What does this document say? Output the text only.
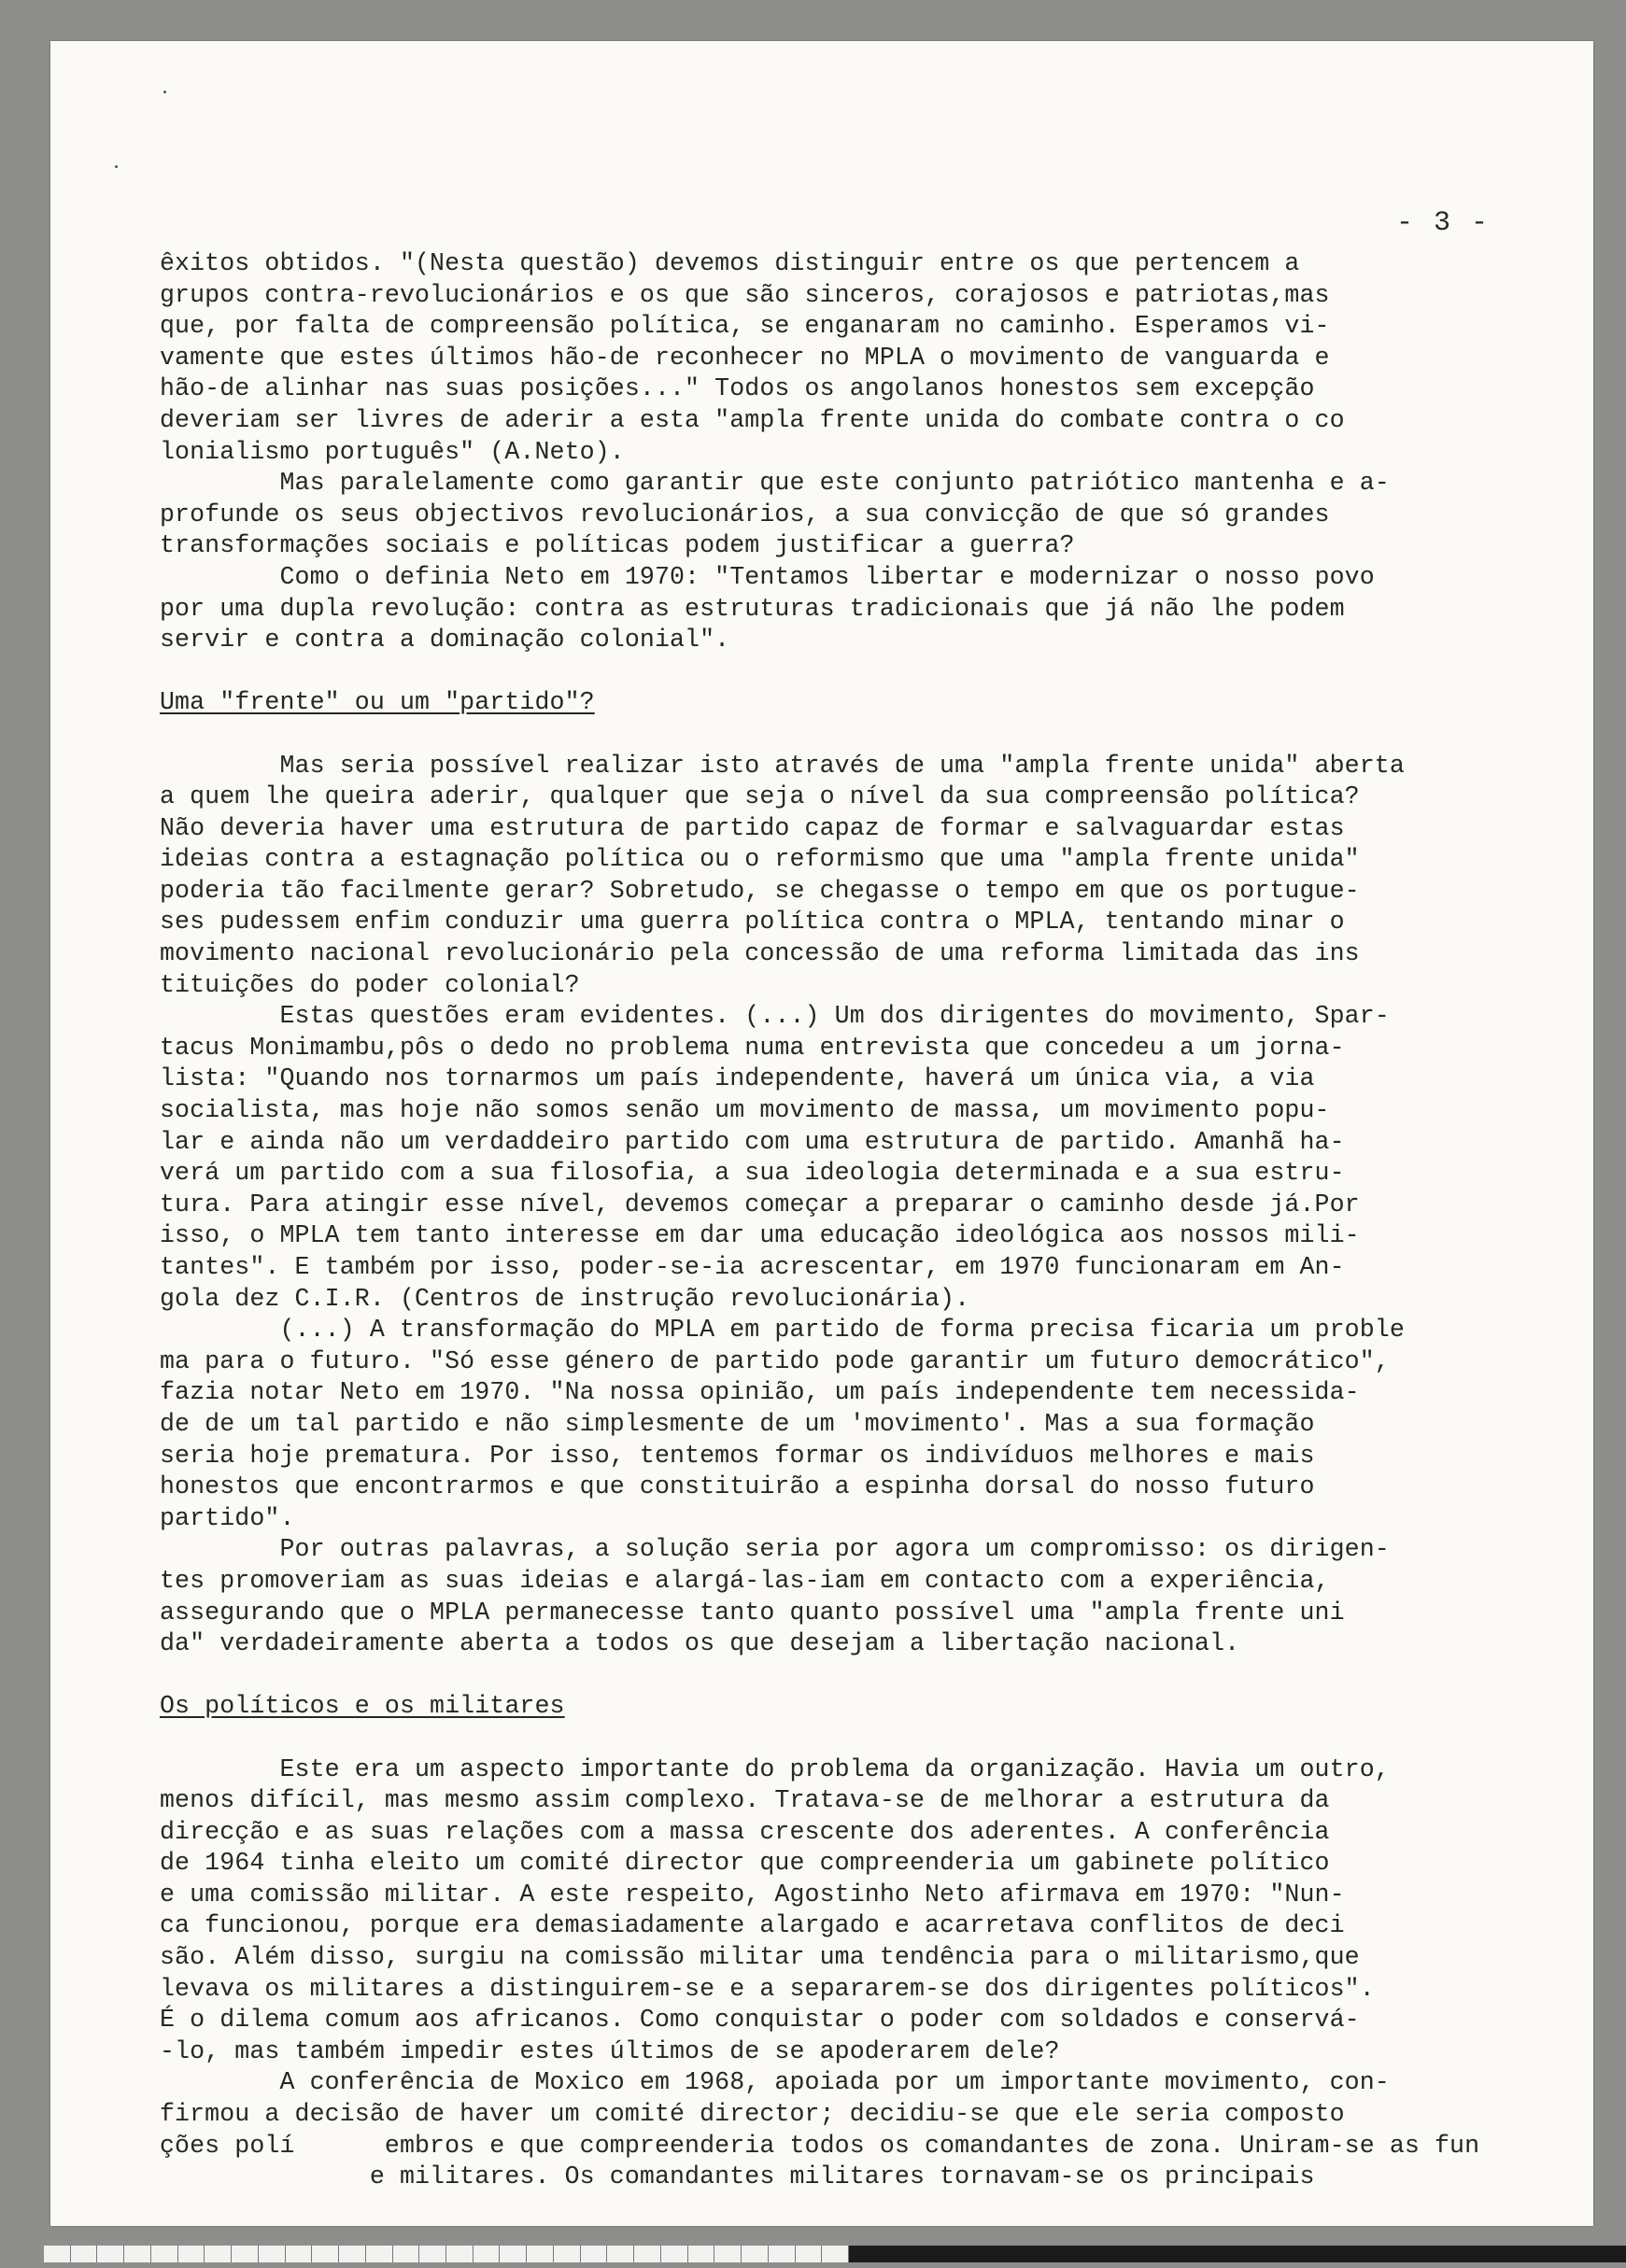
- 3 -
êxitos obtidos. "(Nesta questão) devemos distinguir entre os que pertencem a
grupos contra-revolucionários e os que são sinceros, corajosos e patriotas,mas
que, por falta de compreensão política, se enganaram no caminho. Esperamos vi-
vamente que estes últimos hão-de reconhecer no MPLA o movimento de vanguarda e
hão-de alinhar nas suas posições..." Todos os angolanos honestos sem excepção
deveriam ser livres de aderir a esta "ampla frente unida do combate contra o co
lonialismo português" (A.Neto).
Mas paralelamente como garantir que este conjunto patriótico mantenha e a-
profunde os seus objectivos revolucionários, a sua convicção de que só grandes
transformações sociais e políticas podem justificar a guerra?
Como o definia Neto em 1970: "Tentamos libertar e modernizar o nosso povo
por uma dupla revolução: contra as estruturas tradicionais que já não lhe podem
servir e contra a dominação colonial".
Uma "frente" ou um "partido"?
Mas seria possível realizar isto através de uma "ampla frente unida" aberta
a quem lhe queira aderir, qualquer que seja o nível da sua compreensão política?
Não deveria haver uma estrutura de partido capaz de formar e salvaguardar estas
ideias contra a estagnação política ou o reformismo que uma "ampla frente unida"
poderia tão facilmente gerar? Sobretudo, se chegasse o tempo em que os portugue-
ses pudessem enfim conduzir uma guerra política contra o MPLA, tentando minar o
movimento nacional revolucionário pela concessão de uma reforma limitada das ins
tituições do poder colonial?
Estas questões eram evidentes. (...) Um dos dirigentes do movimento, Spar-
tacus Monimambu,pôs o dedo no problema numa entrevista que concedeu a um jorna-
lista: "Quando nos tornarmos um país independente, haverá um única via, a via
socialista, mas hoje não somos senão um movimento de massa, um movimento popu-
lar e ainda não um verdaddeiro partido com uma estrutura de partido. Amanhã ha-
verá um partido com a sua filosofia, a sua ideologia determinada e a sua estru-
tura. Para atingir esse nível, devemos começar a preparar o caminho desde já.Por
isso, o MPLA tem tanto interesse em dar uma educação ideológica aos nossos mili-
tantes". E também por isso, poder-se-ia acrescentar, em 1970 funcionaram em An-
gola dez C.I.R. (Centros de instrução revolucionária).
(...) A transformação do MPLA em partido de forma precisa ficaria um proble
ma para o futuro. "Só esse género de partido pode garantir um futuro democrático",
fazia notar Neto em 1970. "Na nossa opinião, um país independente tem necessida-
de de um tal partido e não simplesmente de um 'movimento'. Mas a sua formação
seria hoje prematura. Por isso, tentemos formar os indivíduos melhores e mais
honestos que encontrarmos e que constituirão a espinha dorsal do nosso futuro
partido".
Por outras palavras, a solução seria por agora um compromisso: os dirigen-
tes promoveriam as suas ideias e alargá-las-iam em contacto com a experiência,
assegurando que o MPLA permanecesse tanto quanto possível uma "ampla frente uni
da" verdadeiramente aberta a todos os que desejam a libertação nacional.
Os políticos e os militares
Este era um aspecto importante do problema da organização. Havia um outro,
menos difícil, mas mesmo assim complexo. Tratava-se de melhorar a estrutura da
direcção e as suas relações com a massa crescente dos aderentes. A conferência
de 1964 tinha eleito um comité director que compreenderia um gabinete político
e uma comissão militar. A este respeito, Agostinho Neto afirmava em 1970: "Nun-
ca funcionou, porque era demasiadamente alargado e acarretava conflitos de deci
são. Além disso, surgiu na comissão militar uma tendência para o militarismo,que
levava os militares a distinguirem-se e a separarem-se dos dirigentes políticos".
É o dilema comum aos africanos. Como conquistar o poder com soldados e conservá-
-lo, mas também impedir estes últimos de se apoderarem dele?
A conferência de Moxico em 1968, apoiada por um importante movimento, con-
firmou a decisão de haver um comité director; decidiu-se que ele seria composto
ções polí      embros e que compreenderia todos os comandantes de zona. Uniram-se as fun
e militares. Os comandantes militares tornavam-se os principais
